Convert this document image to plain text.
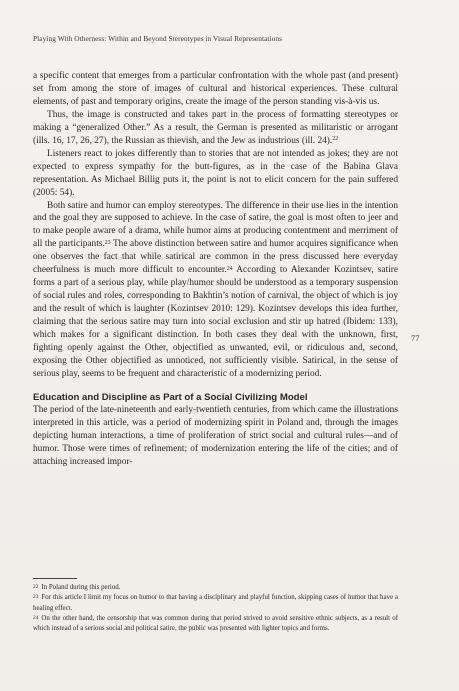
Playing With Otherness: Within and Beyond Stereotypes in Visual Representations

a specific content that emerges from a particular confrontation with the whole past (and present) set from among the store of images of cultural and historical experiences. These cultural elements, of past and temporary origins, create the image of the person standing vis-à-vis us.

Thus, the image is constructed and takes part in the process of formatting stereotypes or making a “generalized Other.” As a result, the German is presented as militaristic or arrogant (ills. 16, 17, 26, 27), the Russian as thievish, and the Jew as industrious (ill. 24).$^{22}$

Listeners react to jokes differently than to stories that are not intended as jokes; they are not expected to express sympathy for the butt-figures, as in the case of the Babina Glava representation. As Michael Billig puts it, the point is not to elicit concern for the pain suffered (2005: 54).

Both satire and humor can employ stereotypes. The difference in their use lies in the intention and the goal they are supposed to achieve. In the case of satire, the goal is most often to jeer and to make people aware of a drama, while humor aims at producing contentment and merriment of all the participants.$^{23}$ The above distinction between satire and humor acquires significance when one observes the fact that while satirical are common in the press discussed here everyday cheerfulness is much more difficult to encounter.$^{24}$ According to Alexander Kozintsev, satire forms a part of a serious play, while play/humor should be understood as a temporary suspension of social rules and roles, corresponding to Bakhtin’s notion of carnival, the object of which is joy and the result of which is laughter (Kozintsev 2010: 129). Kozintsev develops this idea further, claiming that the serious satire may turn into social exclusion and stir up hatred (Ibidem: 133), which makes for a significant distinction. In both cases they deal with the unknown, first, fighting openly against the Other, objectified as unwanted, evil, or ridiculous and, second, exposing the Other objectified as unnoticed, not sufficiently visible. Satirical, in the sense of serious play, seems to be frequent and characteristic of a modernizing period.

Education and Discipline as Part of a Social Civilizing Model

The period of the late-nineteenth and early-twentieth centuries, from which came the illustrations interpreted in this article, was a period of modernizing spirit in Poland and, through the images depicting human interactions, a time of proliferation of strict social and cultural rules—and of humor. Those were times of refinement; of modernization entering the life of the cities; and of attaching increased impor-

77

$^{22}$ In Poland during this period.

$^{23}$ For this article I limit my focus on humor to that having a disciplinary and playful function, skipping cases of humor that have a healing effect.

$^{24}$ On the other hand, the censorship that was common during that period strived to avoid sensitive ethnic subjects, as a result of which instead of a serious social and political satire, the public was presented with lighter topics and forms.
